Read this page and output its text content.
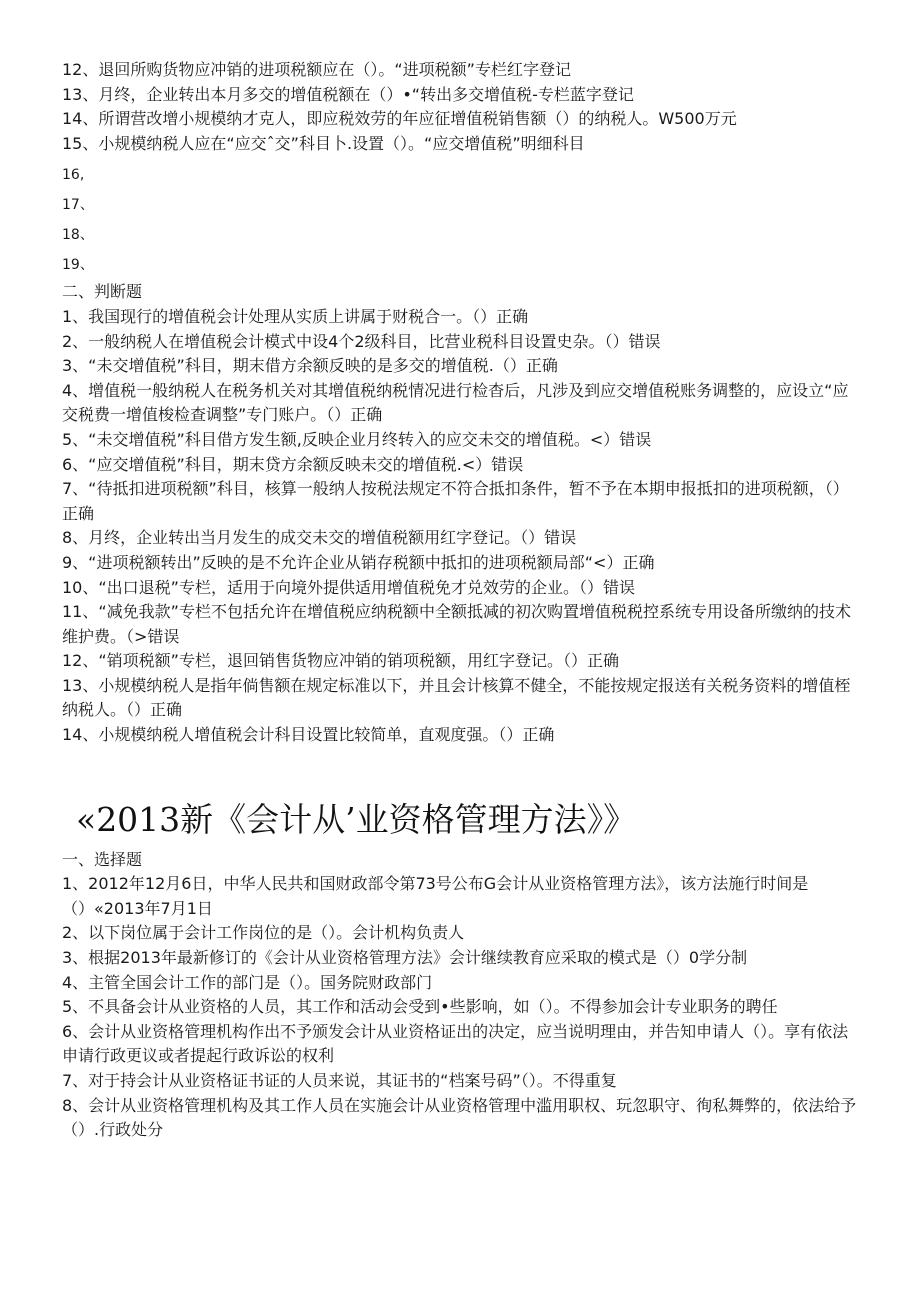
12、退回所购货物应冲销的进项税额应在（）。“进项税额”专栏红字登记
13、月终，企业转出本月多交的增值税额在（）•“转出多交增值税-专栏蓝字登记
14、所谓营改增小规模纳才克人，即应税效劳的年应征增值税销售额（）的纳税人。W500万元
15、小规模纳税人应在“应交ˆ交”科目卜.设置（）。“应交增值税”明细科目
16,
17、
18、
19、
二、判断题
1、我国现行的增值税会计处理从实质上讲属于财税合一。（）正确
2、一般纳税人在增值税会计模式中设4个2级科目，比营业税科目设置史杂。（）错误
3、“未交增值税”科目，期末借方余额反映的是多交的增值税.（）正确
4、增值税一般纳税人在税务机关对其增值税纳税情况进行检杳后，凡涉及到应交增值税账务调整的，应设立“应交税费一增值梭检查调整”专门账户。（）正确
5、“未交增值税”科目借方发生额,反映企业月终转入的应交未交的增值税。<）错误
6、“应交增值税”科目，期末贷方余额反映未交的增值税.<）错误
7、“待抵扣进项税额”科目，核算一般纳人按税法规定不符合抵扣条件，暂不予在本期申报抵扣的进项税额，（）正确
8、月终，企业转出当月发生的成交未交的增值税额用红字登记。（）错误
9、“进项税额转出”反映的是不允许企业从销存税额中抵扣的进项税额局部“<）正确
10、“出口退税”专栏，适用于向境外提供适用增值税免才兑效劳的企业。（）错误
11、“减免我款”专栏不包括允许在增值税应纳税额中全额抵减的初次购置增值税税控系统专用设备所缴纳的技术维护费。（>错误
12、“销项税额”专栏，退回销售货物应冲销的销项税额，用红字登记。（）正确
13、小规模纳税人是指年倘售额在规定标准以下，并且会计核算不健全，不能按规定报送有关税务资料的增值桎纳税人。（）正确
14、小规模纳税人增值税会计科目设置比较简单，直观度强。（）正确
«2013新《会计从’业资格管理方法》》
一、选择题
1、2012年12月6日，中华人民共和国财政部令第73号公布G会计从业资格管理方法》，该方法施行时间是（）«2013年7月1日
2、以下岗位属于会计工作岗位的是（）。会计机构负责人
3、根据2013年最新修订的《会计从业资格管理方法》会计继续教育应采取的模式是（）0学分制
4、主管全国会计工作的部门是（）。国务院财政部门
5、不具备会计从业资格的人员，其工作和活动会受到•些影响，如（）。不得参加会计专业职务的聘任
6、会计从业资格管理机构作出不予颁发会计从业资格证出的决定，应当说明理由，并告知申请人（）。享有依法申请行政更议或者提起行政诉讼的权利
7、对于持会计从业资格证书证的人员来说，其证书的“档案号码”（）。不得重复
8、会计从业资格管理机构及其工作人员在实施会计从业资格管理中滥用职权、玩忽职守、徇私舞弊的，依法给予（）.行政处分
